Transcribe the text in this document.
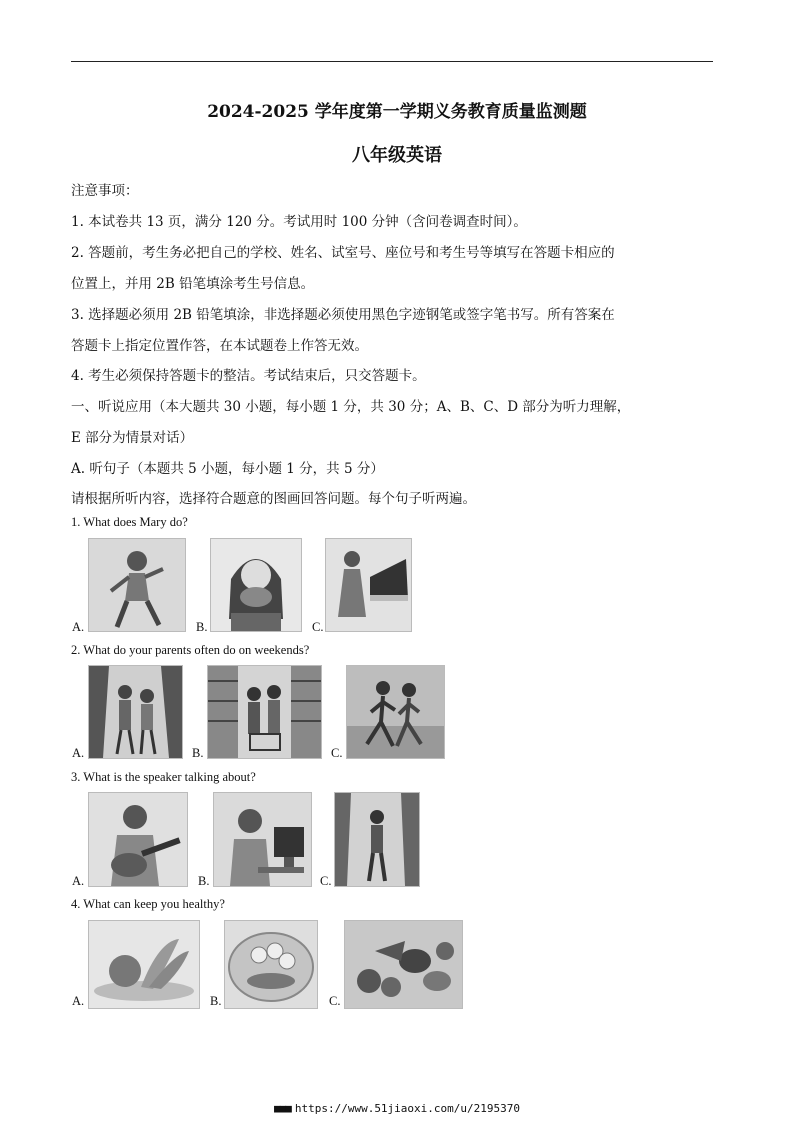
2024-2025 学年度第一学期义务教育质量监测题
八年级英语
注意事项：
1. 本试卷共 13 页，满分 120 分。考试用时 100 分钟（含问卷调查时间）。
2. 答题前，考生务必把自己的学校、姓名、试室号、座位号和考生号等填写在答题卡相应的
位置上，并用 2B 铅笔填涂考生号信息。
3. 选择题必须用 2B 铅笔填涂，非选择题必须使用黑色字迹钢笔或签字笔书写。所有答案在
答题卡上指定位置作答，在本试题卷上作答无效。
4. 考生必须保持答题卡的整洁。考试结束后，只交答题卡。
一、听说应用（本大题共 30 小题，每小题 1 分，共 30 分；A、B、C、D 部分为听力理解，
E 部分为情景对话）
A. 听句子（本题共 5 小题，每小题 1 分，共 5 分）
请根据所听内容，选择符合题意的图画回答问题。每个句子听两遍。
1. What does Mary do?
A.	B.	C.
2. What do your parents often do on weekends?
A.	B.	C.
3. What is the speaker talking about?
A.	B.	C.
4. What can keep you healthy?
A.	B.	C.
■■■ https://www.51jiaoxi.com/u/2195370
